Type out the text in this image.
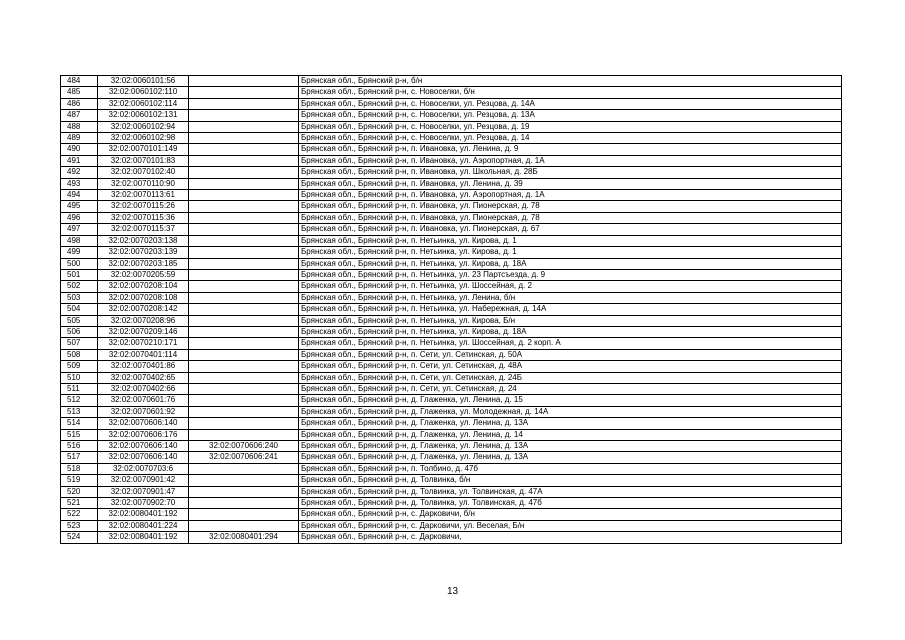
484	32:02:0060101:56		Брянская обл., Брянский р-н, б/н
485	32:02:0060102:110		Брянская обл., Брянский р-н, с. Новоселки, б/н
486	32:02:0060102:114		Брянская обл., Брянский р-н, с. Новоселки, ул. Резцова, д. 14А
487	32:02:0060102:131		Брянская обл., Брянский р-н, с. Новоселки, ул. Резцова, д. 13А
488	32:02:0060102:94		Брянская обл., Брянский р-н, с. Новоселки, ул. Резцова, д. 19
489	32:02:0060102:98		Брянская обл., Брянский р-н, с. Новоселки, ул. Резцова, д. 14
490	32:02:0070101:149		Брянская обл., Брянский р-н, п. Ивановка, ул. Ленина, д. 9
491	32:02:0070101:83		Брянская обл., Брянский р-н, п. Ивановка, ул. Аэропортная, д. 1А
492	32:02:0070102:40		Брянская обл., Брянский р-н, п. Ивановка, ул. Школьная, д. 28Б
493	32:02:0070110:90		Брянская обл., Брянский р-н, п. Ивановка, ул. Ленина, д. 39
494	32:02:0070113:61		Брянская обл., Брянский р-н, п. Ивановка, ул. Аэропортная, д. 1А
495	32:02:0070115:26		Брянская обл., Брянский р-н, п. Ивановка, ул. Пионерская, д. 78
496	32:02:0070115:36		Брянская обл., Брянский р-н, п. Ивановка, ул. Пионерская, д. 78
497	32:02:0070115:37		Брянская обл., Брянский р-н, п. Ивановка, ул. Пионерская, д. 67
498	32:02:0070203:138		Брянская обл., Брянский р-н, п. Нетьинка, ул. Кирова, д. 1
499	32:02:0070203:139		Брянская обл., Брянский р-н, п. Нетьинка, ул. Кирова, д. 1
500	32:02:0070203:185		Брянская обл., Брянский р-н, п. Нетьинка, ул. Кирова, д. 18А
501	32:02:0070205:59		Брянская обл., Брянский р-н, п. Нетьинка, ул. 23 Партсъезда, д. 9
502	32:02:0070208:104		Брянская обл., Брянский р-н, п. Нетьинка, ул. Шоссейная, д. 2
503	32:02:0070208:108		Брянская обл., Брянский р-н, п. Нетьинка, ул. Ленина, б/н
504	32:02:0070208:142		Брянская обл., Брянский р-н, п. Нетьинка, ул. Набережная, д. 14А
505	32:02:0070208:96		Брянская обл., Брянский р-н, п. Нетьинка, ул. Кирова, Б/н
506	32:02:0070209:146		Брянская обл., Брянский р-н, п. Нетьинка, ул. Кирова, д. 18А
507	32:02:0070210:171		Брянская обл., Брянский р-н, п. Нетьинка, ул. Шоссейная, д. 2 корп. А
508	32:02:0070401:114		Брянская обл., Брянский р-н, п. Сети, ул. Сетинская, д. 50А
509	32:02:0070401:86		Брянская обл., Брянский р-н, п. Сети, ул. Сетинская, д. 48А
510	32:02:0070402:65		Брянская обл., Брянский р-н, п. Сети, ул. Сетинская, д. 24Б
511	32:02:0070402:66		Брянская обл., Брянский р-н, п. Сети, ул. Сетинская, д. 24
512	32:02:0070601:76		Брянская обл., Брянский р-н, д. Глаженка, ул. Ленина, д. 15
513	32:02:0070601:92		Брянская обл., Брянский р-н, д. Глаженка, ул. Молодежная, д. 14А
514	32:02:0070606:140		Брянская обл., Брянский р-н, д. Глаженка, ул. Ленина, д. 13А
515	32:02:0070606:176		Брянская обл., Брянский р-н, д. Глаженка, ул. Ленина, д. 14
516	32:02:0070606:140	32:02:0070606:240	Брянская обл., Брянский р-н, д. Глаженка, ул. Ленина, д. 13А
517	32:02:0070606:140	32:02:0070606:241	Брянская обл., Брянский р-н, д. Глаженка, ул. Ленина, д. 13А
518	32:02:0070703:6		Брянская обл., Брянский р-н, п. Толбино, д. 47б
519	32:02:0070901:42		Брянская обл., Брянский р-н, д. Толвинка, б/н
520	32:02:0070901:47		Брянская обл., Брянский р-н, д. Толвинка, ул. Толвинская, д. 47А
521	32:02:0070902:70		Брянская обл., Брянский р-н, д. Толвинка, ул. Толвинская, д. 47б
522	32:02:0080401:192		Брянская обл., Брянский р-н, с. Дарковичи, б/н
523	32:02:0080401:224		Брянская обл., Брянский р-н, с. Дарковичи, ул. Веселая, Б/н
524	32:02:0080401:192	32:02:0080401:294	Брянская обл., Брянский р-н, с. Дарковичи,
13
